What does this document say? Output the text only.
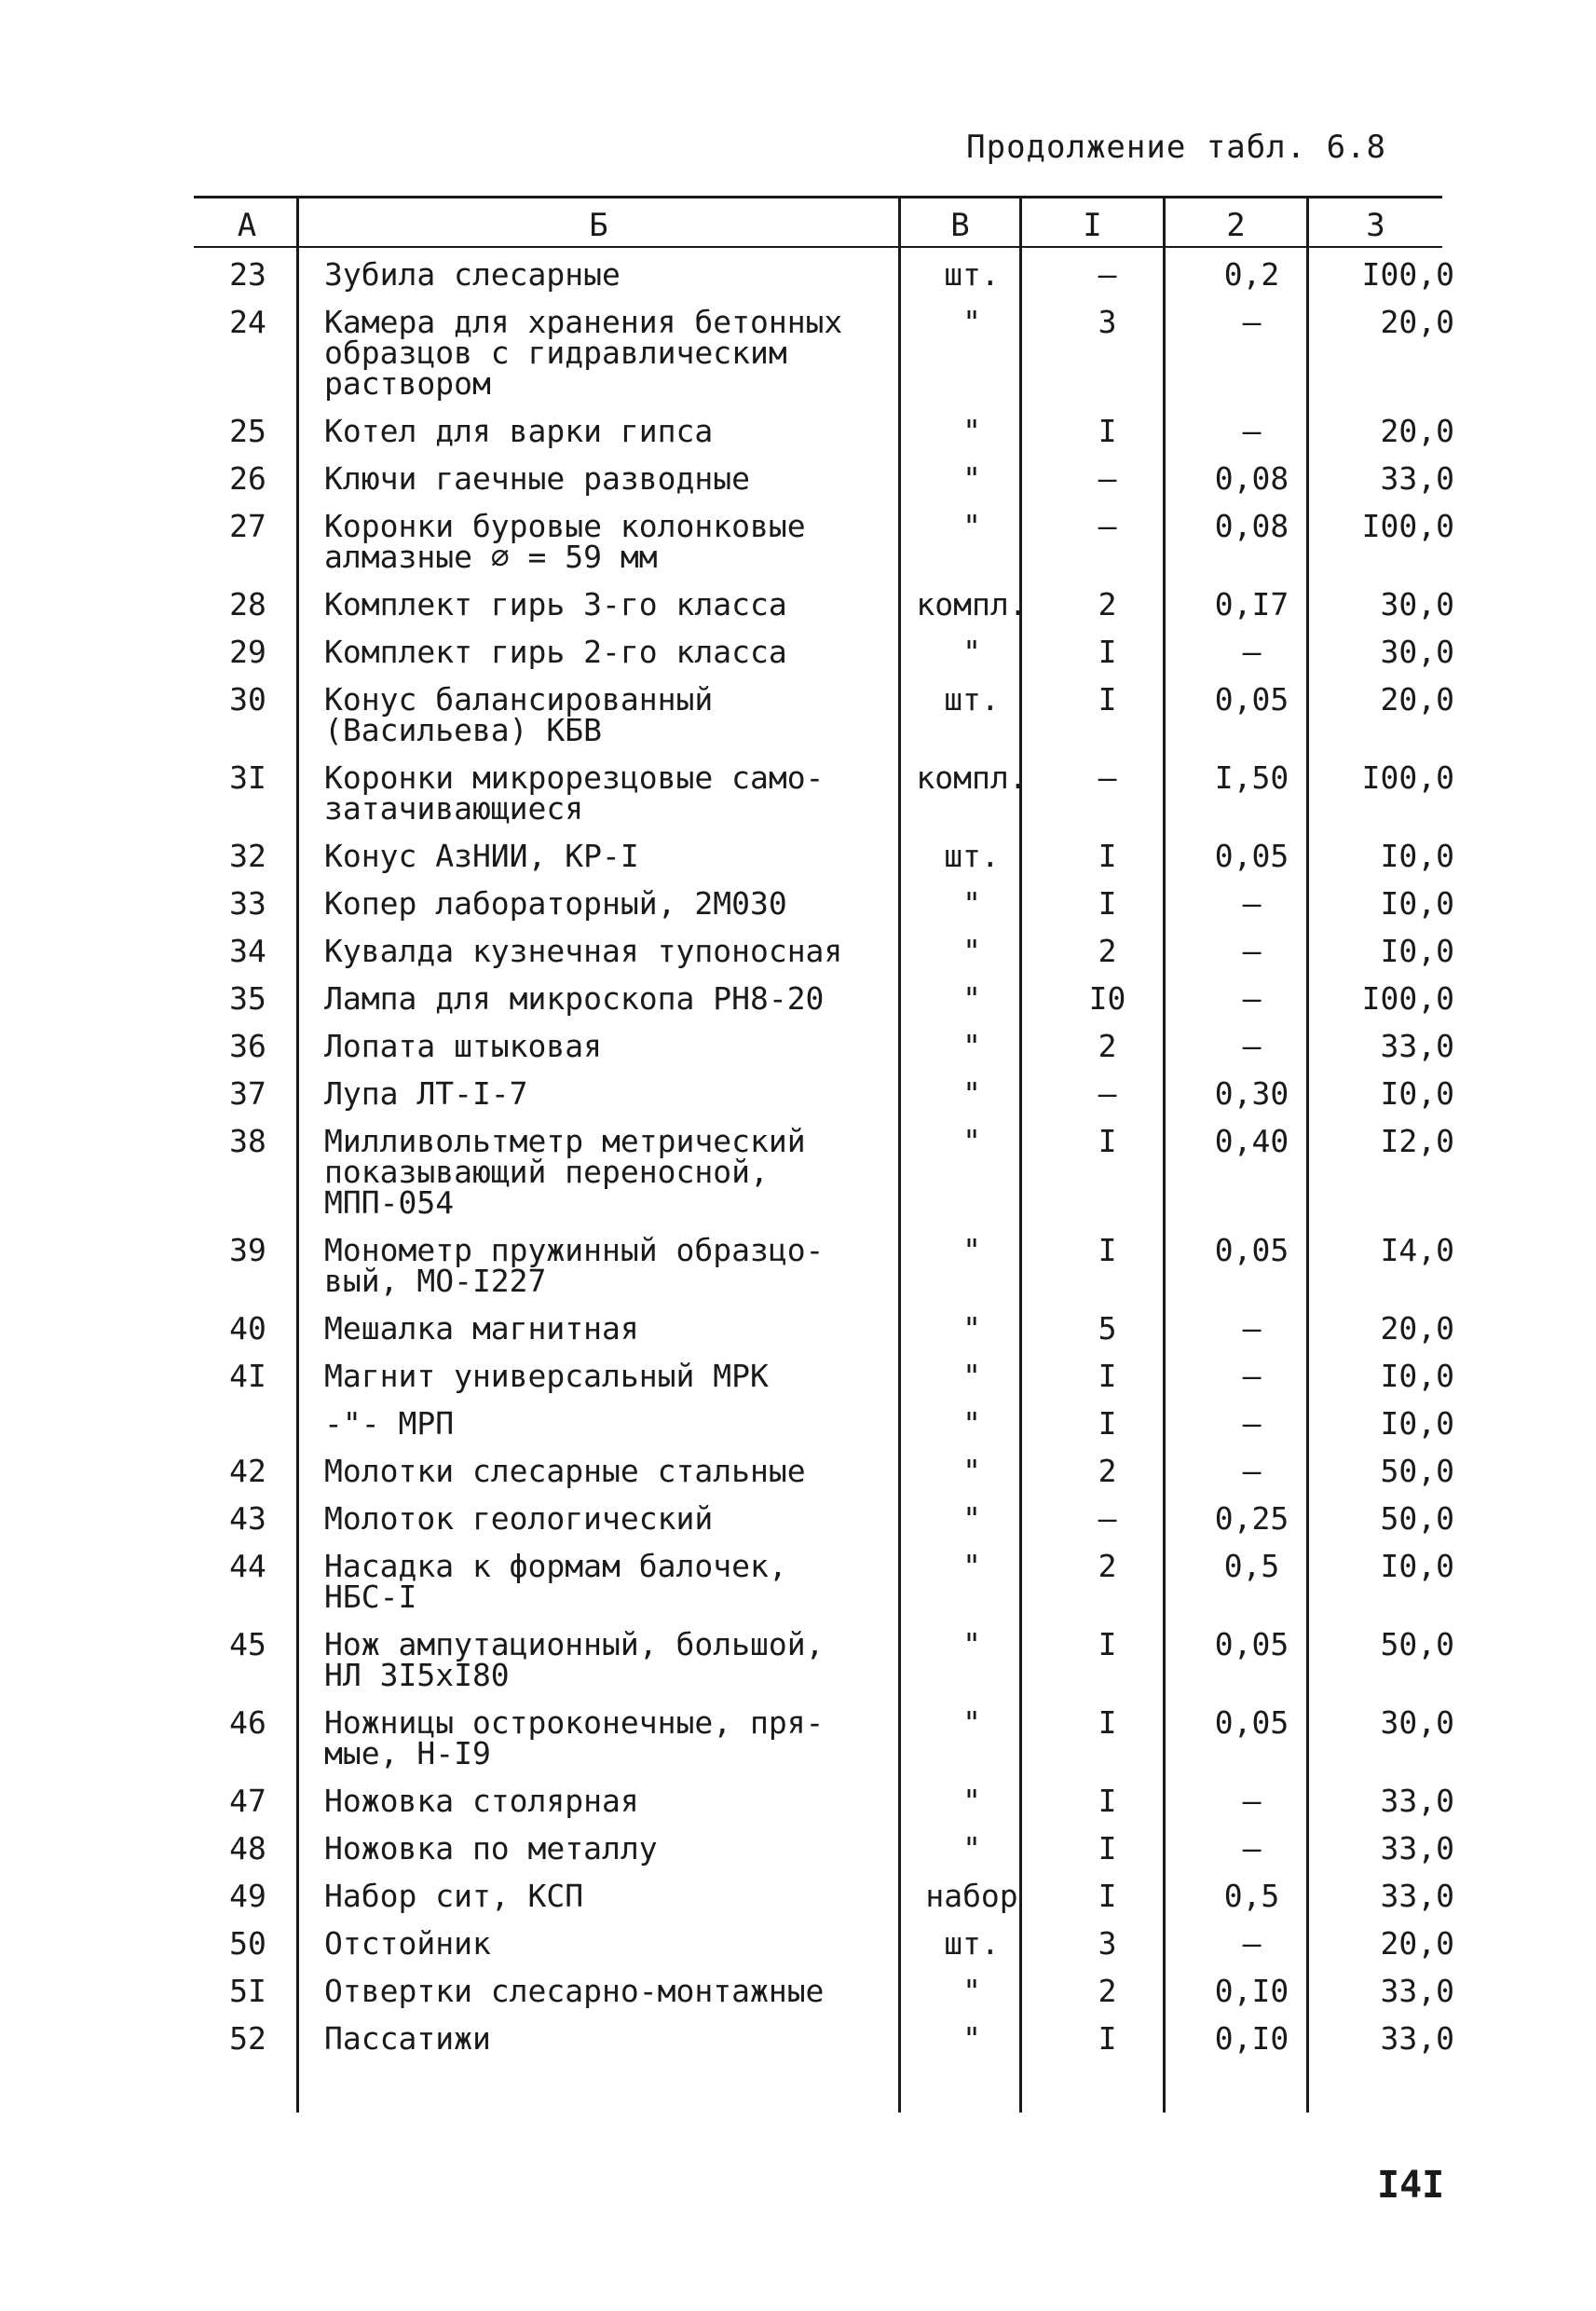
Продолжение табл. 6.8
А	Б	В	I	2	3
23	Зубила слесарные	шт.	–	0,2	I00,0
24	Камера для хранения бетонных
образцов с гидравлическим
раствором	"	3	–	20,0
25	Котел для варки гипса	"	I	–	20,0
26	Ключи гаечные разводные	"	–	0,08	33,0
27	Коронки буровые колонковые
алмазные ∅ = 59 мм	"	–	0,08	I00,0
28	Комплект гирь 3-го класса	компл.	2	0,I7	30,0
29	Комплект гирь 2-го класса	"	I	–	30,0
30	Конус балансированный
(Васильева) КБВ	шт.	I	0,05	20,0
3I	Коронки микрорезцовые само-
затачивающиеся	компл.	–	I,50	I00,0
32	Конус АзНИИ, КР-I	шт.	I	0,05	I0,0
33	Копер лабораторный, 2М030	"	I	–	I0,0
34	Кувалда кузнечная тупоносная	"	2	–	I0,0
35	Лампа для микроскопа РН8-20	"	I0	–	I00,0
36	Лопата штыковая	"	2	–	33,0
37	Лупа ЛТ-I-7	"	–	0,30	I0,0
38	Милливольтметр метрический
показывающий переносной,
МПП-054	"	I	0,40	I2,0
39	Монометр пружинный образцо-
вый, МО-I227	"	I	0,05	I4,0
40	Мешалка магнитная	"	5	–	20,0
4I	Магнит универсальный МРК	"	I	–	I0,0
	-"- МРП	"	I	–	I0,0
42	Молотки слесарные стальные	"	2	–	50,0
43	Молоток геологический	"	–	0,25	50,0
44	Насадка к формам балочек,
НБС-I	"	2	0,5	I0,0
45	Нож ампутационный, большой,
НЛ 3I5хI80	"	I	0,05	50,0
46	Ножницы остроконечные, пря-
мые, Н-I9	"	I	0,05	30,0
47	Ножовка столярная	"	I	–	33,0
48	Ножовка по металлу	"	I	–	33,0
49	Набор сит, КСП	набор	I	0,5	33,0
50	Отстойник	шт.	3	–	20,0
5I	Отвертки слесарно-монтажные	"	2	0,I0	33,0
52	Пассатижи	"	I	0,I0	33,0
I4I
